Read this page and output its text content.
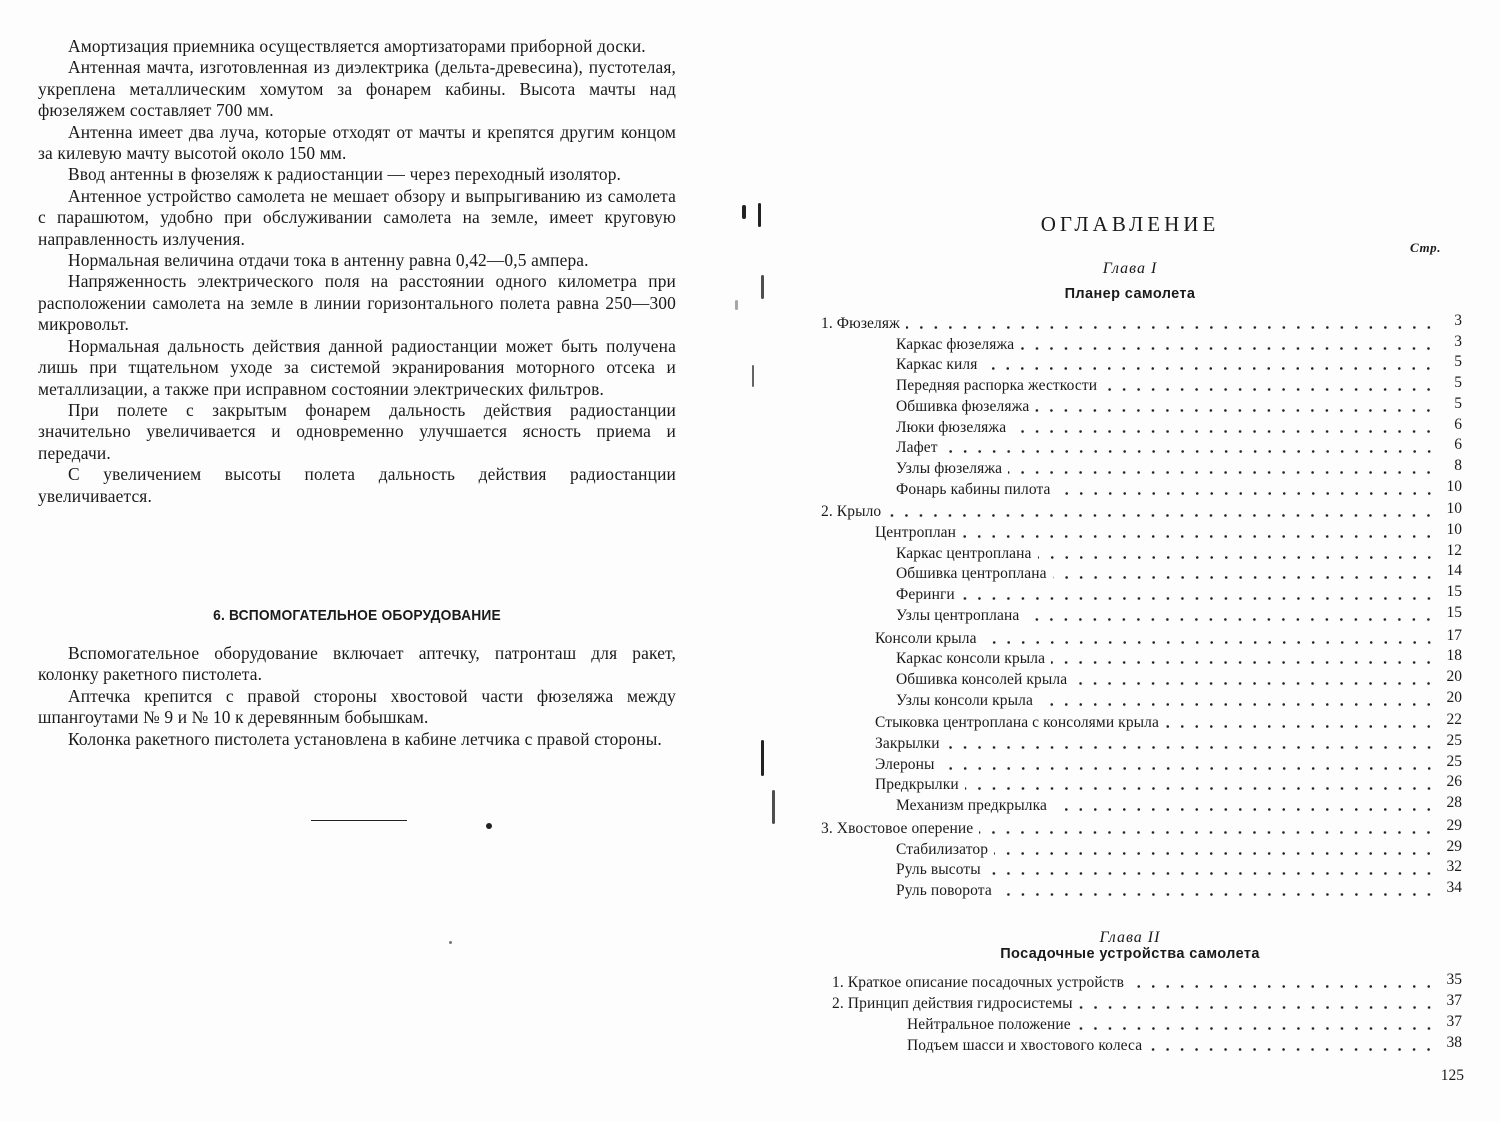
Амортизация приемника осуществляется амортизаторами приборной доски.

Антенная мачта, изготовленная из диэлектрика (дельта-древесина), пустотелая, укреплена металлическим хомутом за фонарем кабины. Высота мачты над фюзеляжем составляет 700 мм.

Антенна имеет два луча, которые отходят от мачты и крепятся другим концом за килевую мачту высотой около 150 мм.

Ввод антенны в фюзеляж к радиостанции — через переходный изолятор.

Антенное устройство самолета не мешает обзору и выпрыгиванию из самолета с парашютом, удобно при обслуживании самолета на земле, имеет круговую направленность излучения.

Нормальная величина отдачи тока в антенну равна 0,42—0,5 ампера.

Напряженность электрического поля на расстоянии одного километра при расположении самолета на земле в линии горизонтального полета равна 250—300 микровольт.

Нормальная дальность действия данной радиостанции может быть получена лишь при тщательном уходе за системой экранирования моторного отсека и металлизации, а также при исправном состоянии электрических фильтров.

При полете с закрытым фонарем дальность действия радиостанции значительно увеличивается и одновременно улучшается ясность приема и передачи.

С увеличением высоты полета дальность действия радиостанции увеличивается.

6. ВСПОМОГАТЕЛЬНОЕ ОБОРУДОВАНИЕ

Вспомогательное оборудование включает аптечку, патронташ для ракет, колонку ракетного пистолета.

Аптечка крепится с правой стороны хвостовой части фюзеляжа между шпангоутами № 9 и № 10 к деревянным бобышкам.

Колонка ракетного пистолета установлена в кабине летчика с правой стороны.

ОГЛАВЛЕНИЕ
Стр.
Глава I
Планер самолета
1. Фюзеляж	3
Каркас фюзеляжа	3
Каркас киля	5
Передняя распорка жесткости	5
Обшивка фюзеляжа	5
Люки фюзеляжа	6
Лафет	6
Узлы фюзеляжа	8
Фонарь кабины пилота	10
2. Крыло	10
Центроплан	10
Каркас центроплана	12
Обшивка центроплана	14
Феринги	15
Узлы центроплана	15
Консоли крыла	17
Каркас консоли крыла	18
Обшивка консолей крыла	20
Узлы консоли крыла	20
Стыковка центроплана с консолями крыла	22
Закрылки	25
Элероны	25
Предкрылки	26
Механизм предкрылка	28
3. Хвостовое оперение	29
Стабилизатор	29
Руль высоты	32
Руль поворота	34
Глава II
Посадочные устройства самолета
1. Краткое описание посадочных устройств	35
2. Принцип действия гидросистемы	37
Нейтральное положение	37
Подъем шасси и хвостового колеса	38
125
